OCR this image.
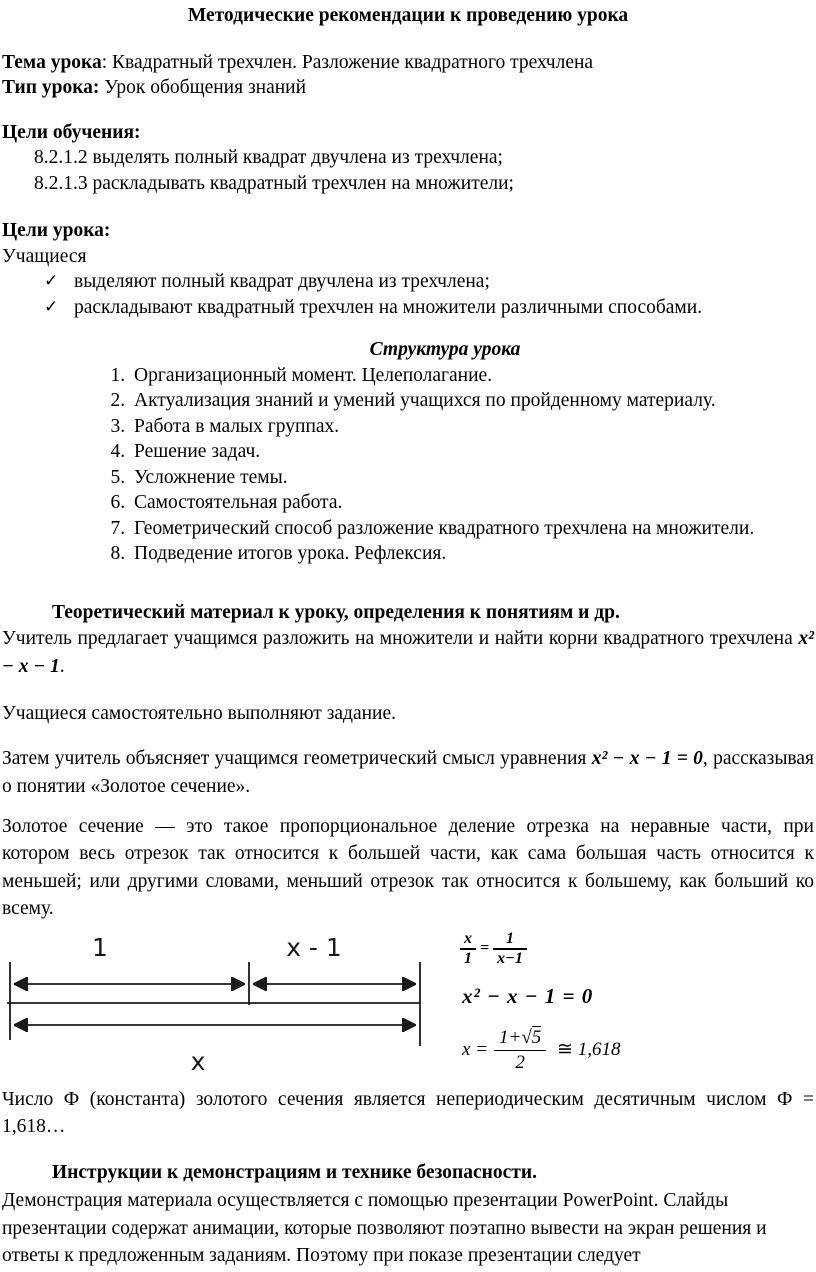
Методические рекомендации к проведению урока

Тема урока: Квадратный трехчлен. Разложение квадратного трехчлена

Тип урока: Урок обобщения знаний

Цели обучения:

8.2.1.2 выделять полный квадрат двучлена из трехчлена;

8.2.1.3 раскладывать квадратный трехчлен на множители;

Цели урока:

Учащиеся

✓ выделяют полный квадрат двучлена из трехчлена;

✓ раскладывают квадратный трехчлен на множители различными способами.

Структура урока

1. Организационный момент. Целеполагание.
2. Актуализация знаний и умений учащихся по пройденному материалу.
3. Работа в малых группах.
4. Решение задач.
5. Усложнение темы.
6. Самостоятельная работа.
7. Геометрический способ разложение квадратного трехчлена на множители.
8. Подведение итогов урока. Рефлексия.

Теоретический материал к уроку, определения к понятиям и др.

Учитель предлагает учащимся разложить на множители и найти корни квадратного трехчлена x² − x − 1.

Учащиеся самостоятельно выполняют задание.

Затем учитель объясняет учащимся геометрический смысл уравнения x² − x − 1 = 0, рассказывая о понятии «Золотое сечение».

Золотое сечение — это такое пропорциональное деление отрезка на неравные части, при котором весь отрезок так относится к большей части, как сама большая часть относится к меньшей; или другими словами, меньший отрезок так относится к большему, как больший ко всему.

1	x - 1
x
$\frac{x}{1} = \frac{1}{x-1}$
x² − x − 1 = 0
$x = \frac{1+√5}{2}$ ≅ 1,618

Число Ф (константа) золотого сечения является непериодическим десятичным числом Ф = 1,618…

Инструкции к демонстрациям и технике безопасности.

Демонстрация материала осуществляется с помощью презентации PowerPoint. Слайды презентации содержат анимации, которые позволяют поэтапно вывести на экран решения и ответы к предложенным заданиям. Поэтому при показе презентации следует
